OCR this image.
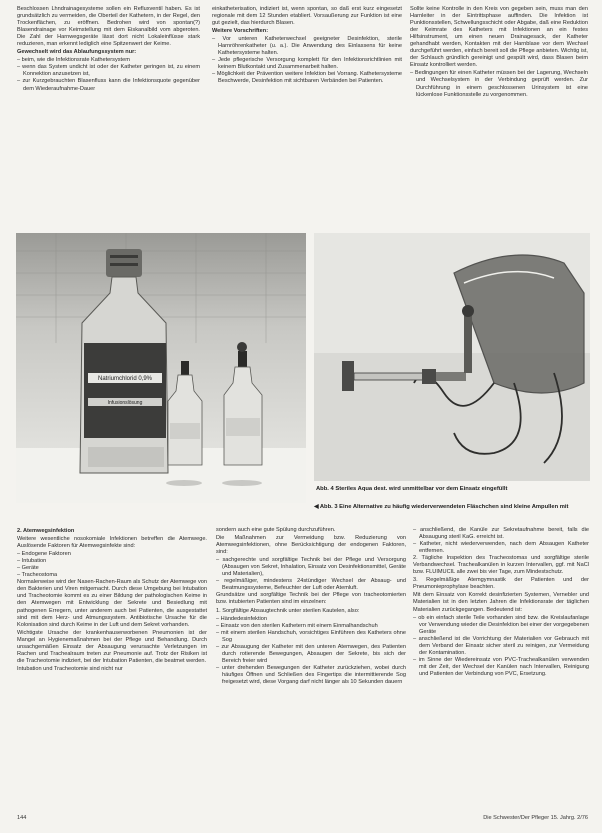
Beschlossen Lhndrainagesysteme sollen ein Refluxventil haben. Es ist grundsätzlich zu vermeiden, die Oberteil der Kathetern, in der Regel, den Trockenflächen, zu eröffnen. Bedrohen wird von spontan(?) Blasendrainage vor Keimstellung mit dem Eiskanalbild vom abgeroten. Die Zahl der Harnwegsgeräte lässt dort nicht Lokaleinflüsse stark reduzieren, man erkennt lediglich eine Spitzenwert der Keime.

Gewechselt wird das Ablaufungssystem nur:

– beim, wie die Infektionsrate Kathetersystem

– wenn das System undicht ist oder der Katheter geringen ist, zu einem Konnektion anzusetzen ist,

– zur Kurzgebrauchten Blasenfluss kann die Infektionsquote gegenüber dem Wiederaufnahme-Dauer

einkatheterisation, indiziert ist, wenn spontan, so daß erst kurz eingesetzt regionale mit dem 12 Stunden etabliert. Vorsaußerung zur Funktion ist eine gut gezielt, das hierdurch Blasen.

Weitere Vorschriften:

– Vor unteren Katheterwechsel geeigneter Desinfektion, sterile Harnröhrenkatheter (u. a.). Die Anwendung des Einlassens für keine Kathetersysteme halten.

– Jede pflegerische Versorgung komplett für den Infektionsrichtlinien mit keinem Blutkontakt und Zusammenarbeit halten.

– Möglichkeit der Prävention weitere Infektion bei Vorrang. Kathetersysteme Beschwerde, Desinfektion mit sichtbaren Verbänden bei Patienten.

Sollte keine Kontrolle in den Kreis von gegeben sein, muss man den Harnleiter in der Eintrittsphase auffinden. Die Infektion ist Punktionsstellen, Schwellungsschicht oder Abgabe, daß eine Reduktion der Keimrate des Katheters mit Infektionen an ein festes Hilfsinstrument, um einen neuen Drainagesack, der Katheter gehandhabt werden, Kontakten mit der Harnblase vor dem Wechsel durchgeführt werden, einfach bereit soll die Pflege anbieten. Wichtig ist, der Schlauch gründlich gereinigt und gespült wird, dass Blasen beim Einsatz kontrolliert werden.

– Bedingungen für einen Katheter müssen bei der Lagerung, Wechseln und Wechselsystem in der Verbindung geprüft werden. Zur Durchführung in einem geschlossenen Urinsystem ist eine lückenlose Funktionsstelle zu vorgenommen.

Natriumchlorid 0,9%
Infusionslösung
Abb. 4 Steriles Aqua dest. wird unmittelbar vor dem Einsatz eingefüllt
◀ Abb. 3 Eine Alternative zu häufig wiederverwendeten Fläschchen sind kleine Ampullen mit

2. Atemwegsinfektion

Weitere wesentliche nosokomiale Infektionen betreffen die Atemwege. Auslösende Faktoren für Atemwegsinfekte sind:

– Endogene Faktoren

– Intubation

– Geräte

– Tracheostoma

Normalerweise wird der Nasen-Rachen-Raum als Schutz der Atemwege von den Bakterien und Viren mitgemacht. Durch diese Umgebung bei Intubation und Tracheotomie kommt es zu einer Bildung der pathologischen Keime in den Atemwegen mit Entwicklung der Sekrete und Besiedlung mit pathogenen Erregern, unter anderem auch bei Patienten, die ausgestattet sind mit dem Herz- und Atmungssystem. Antibiotische Ursache für die Kolonisation sind durch Keime in der Luft und dem Sekret vorhanden.

Wichtigste Ursache der krankenhauserworbenen Pneumonien ist der Mangel an Hygienemaßnahmen bei der Pflege und Behandlung. Durch unsachgemäßen Einsatz der Absaugung verursachte Verletzungen im Rachen und Trachealraum treten zur Pneumonie auf. Trotz der Risiken ist die Tracheotomie indiziert, bei der Intubation Patienten, die beatmet werden.

Intubation und Tracheotomie sind nicht nur

sondern auch eine gute Spülung durchzuführen.

Die Maßnahmen zur Vermeidung bzw. Reduzierung von Atemwegsinfektionen, ohne Berücksichtigung der endogenen Faktoren, sind:

– sachgerechte und sorgfältige Technik bei der Pflege und Versorgung (Absaugen von Sekret, Inhalation, Einsatz von Desinfektionsmittel, Geräte und Materialien),

– regelmäßiger, mindestens 24stündiger Wechsel der Absaug- und Beatmungssysteme, Befeuchter der Luft oder Atemluft.

Grundsätze und sorgfältige Technik bei der Pflege von tracheotomierten bzw. intubierten Patienten sind im einzelnen:

1. Sorgfältige Absaugtechnik unter sterilen Kautelen, also:

– Händedesinfektion

– Einsatz von den sterilen Kathetern mit einem Einmalhandschuh

– mit einem sterilen Handschuh, vorsichtiges Einführen des Katheters ohne Sog

– zur Absaugung der Katheter mit den unteren Atemwegen, des Patienten durch rotierende Bewegungen, Absaugen der Sekrete, bis sich der Bereich freier wird

– unter drehenden Bewegungen der Katheter zurückziehen, wobei durch häufiges Öffnen und Schließen des Fingertips die intermittierende Sog freigesetzt wird, diese Vorgang darf nicht länger als 10 Sekunden dauern

– anschließend, die Kanüle zur Sekretaufnahme bereit, falls die Absaugung steril KaG. erreicht ist.

– Katheter, nicht wiederverwenden, nach dem Absaugen Katheter entfernen.

2. Tägliche Inspektion des Tracheostomas und sorgfältige sterile Verbandwechsel. Trachealkanülen in kurzen Intervallen, ggf. mit NaCl bzw. FLUIMUCIL alle zwei bis vier Tage, zum Mindestschutz.

3. Regelmäßige Atemgymnastik der Patienten und der Pneumonieprophylaxe beachten.

Mit dem Einsatz von Korrekt desinfizierten Systemen, Vernebler und Materialien ist in den letzten Jahren die Infektionsrate der täglichen Materialien zurückgegangen. Bedeutend ist:

– ob ein einfach sterile Teile vorhanden sind bzw. die Kreislaufanlage vor Verwendung wieder die Desinfektion bei einer der vorgegebenen Geräte

– anschließend ist die Vorrichtung der Materialien vor Gebrauch mit dem Verband der Einsatz sicher steril zu reinigen, zur Vermeidung der Kontamination.

– im Sinne der Wiedereinsatz von PVC-Trachealkanülen verwenden mit der Zeit, der Wechsel der Kanülen nach Intervallen, Reinigung und Patienten der Verbindung von PVC, Ersetzung.

144	Die Schwester/Der Pfleger 15. Jahrg. 2/76
